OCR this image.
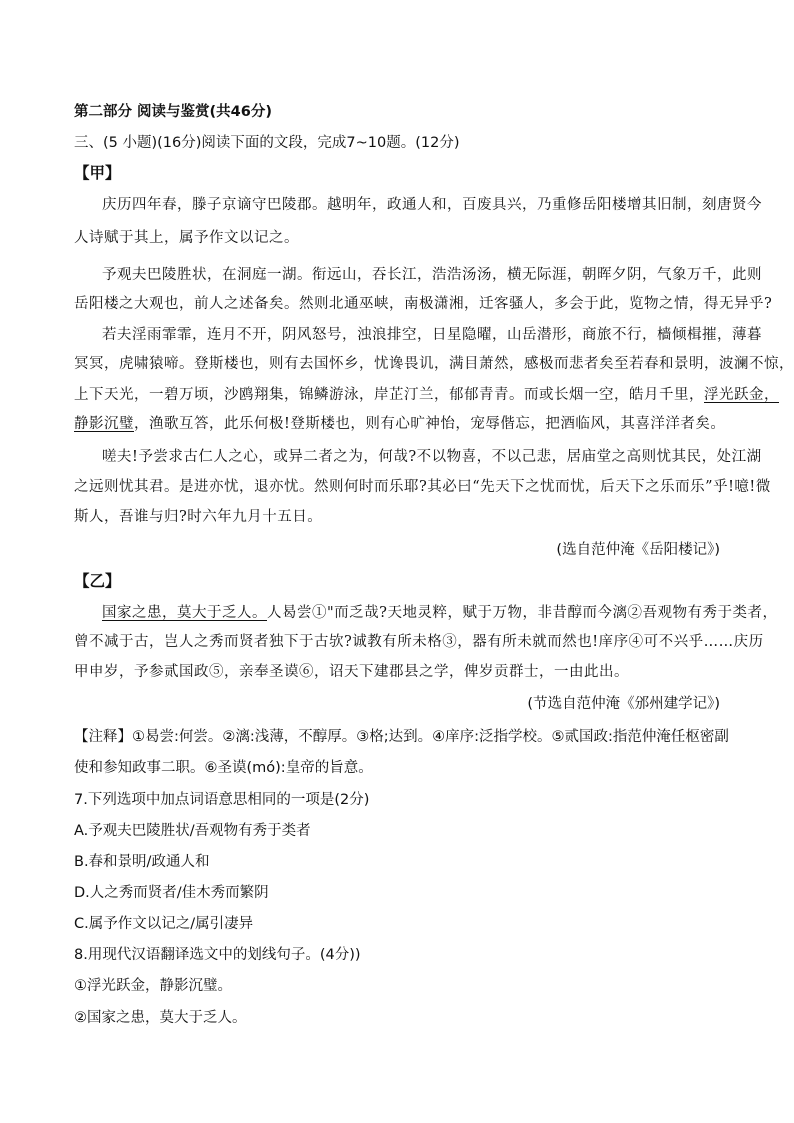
第二部分 阅读与鉴赏(共46分)
三、(5 小题)(16分)阅读下面的文段，完成7~10题。(12分)
【甲】
庆历四年春，滕子京谪守巴陵郡。越明年，政通人和，百废具兴，乃重修岳阳楼增其旧制，刻唐贤今
人诗赋于其上，属予作文以记之。
予观夫巴陵胜状，在洞庭一湖。衔远山，吞长江，浩浩汤汤，横无际涯，朝晖夕阴，气象万千，此则
岳阳楼之大观也，前人之述备矣。然则北通巫峡，南极潇湘，迁客骚人，多会于此，览物之情，得无异乎?
若夫淫雨霏霏，连月不开，阴风怒号，浊浪排空，日星隐曜，山岳潜形，商旅不行，樯倾楫摧，薄暮
冥冥，虎啸猿啼。登斯楼也，则有去国怀乡，忧谗畏讥，满目萧然，感极而悲者矣至若春和景明，波澜不惊，
上下天光，一碧万顷，沙鸥翔集，锦鳞游泳，岸芷汀兰，郁郁青青。而或长烟一空，皓月千里，浮光跃金，
静影沉璧，渔歌互答，此乐何极!登斯楼也，则有心旷神怡，宠辱偕忘，把酒临风，其喜洋洋者矣。
嗟夫!予尝求古仁人之心，或异二者之为，何哉?不以物喜，不以己悲，居庙堂之高则忧其民，处江湖
之远则忧其君。是进亦忧，退亦忧。然则何时而乐耶?其必曰“先天下之忧而忧，后天下之乐而乐”乎!噫!微
斯人，吾谁与归?时六年九月十五日。
(选自范仲淹《岳阳楼记》)
【乙】
国家之患，莫大于乏人。人曷尝①"而乏哉?天地灵粹，赋于万物，非昔醇而今漓②吾观物有秀于类者，
曾不减于古，岂人之秀而贤者独下于古欤?诚教有所未格③，器有所未就而然也!庠序④可不兴乎……庆历
甲申岁，予参贰国政⑤，亲奉圣谟⑥，诏天下建郡县之学，俾岁贡群士，一由此出。
(节选自范仲淹《邠州建学记》)
【注释】①曷尝:何尝。②漓:浅薄，不醇厚。③格;达到。④庠序:泛指学校。⑤贰国政:指范仲淹任枢密副
使和参知政事二职。⑥圣谟(mó):皇帝的旨意。
7.下列选项中加点词语意思相同的一项是(2分)
A.予观夫巴陵胜状/吾观物有秀于类者
B.春和景明/政通人和
D.人之秀而贤者/佳木秀而繁阴
C.属予作文以记之/属引凄异
8.用现代汉语翻译选文中的划线句子。(4分))
①浮光跃金，静影沉璧。
②国家之患，莫大于乏人。
